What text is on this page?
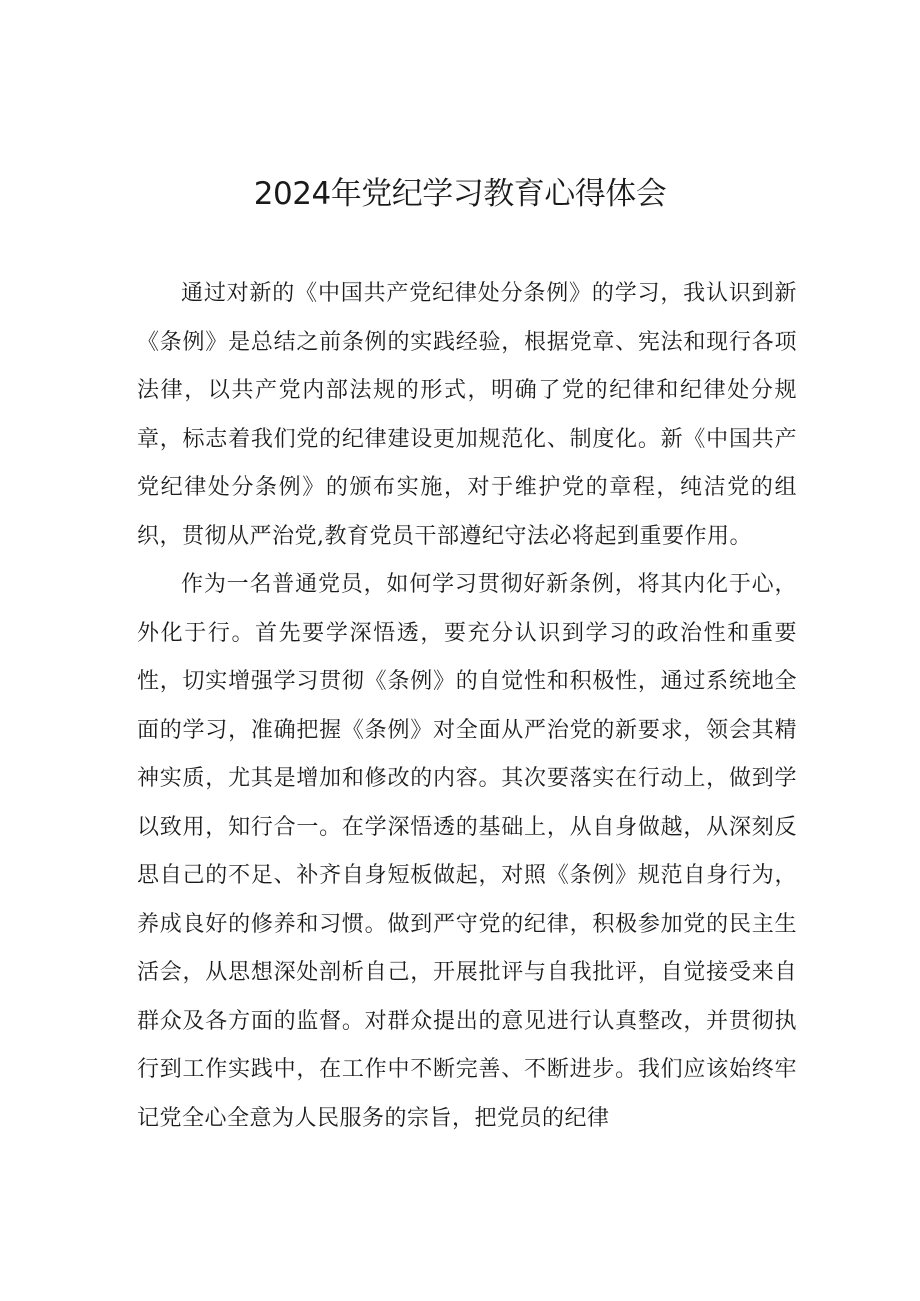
2024年党纪学习教育心得体会

通过对新的《中国共产党纪律处分条例》的学习，我认识到新《条例》是总结之前条例的实践经验，根据党章、宪法和现行各项法律，以共产党内部法规的形式，明确了党的纪律和纪律处分规章，标志着我们党的纪律建设更加规范化、制度化。新《中国共产党纪律处分条例》的颁布实施，对于维护党的章程，纯洁党的组织，贯彻从严治党,教育党员干部遵纪守法必将起到重要作用。

作为一名普通党员，如何学习贯彻好新条例，将其内化于心，外化于行。首先要学深悟透，要充分认识到学习的政治性和重要性，切实增强学习贯彻《条例》的自觉性和积极性，通过系统地全面的学习，准确把握《条例》对全面从严治党的新要求，领会其精神实质，尤其是增加和修改的内容。其次要落实在行动上，做到学以致用，知行合一。在学深悟透的基础上，从自身做越，从深刻反思自己的不足、补齐自身短板做起，对照《条例》规范自身行为，养成良好的修养和习惯。做到严守党的纪律，积极参加党的民主生活会，从思想深处剖析自己，开展批评与自我批评，自觉接受来自群众及各方面的监督。对群众提出的意见进行认真整改，并贯彻执行到工作实践中，在工作中不断完善、不断进步。我们应该始终牢记党全心全意为人民服务的宗旨，把党员的纪律
